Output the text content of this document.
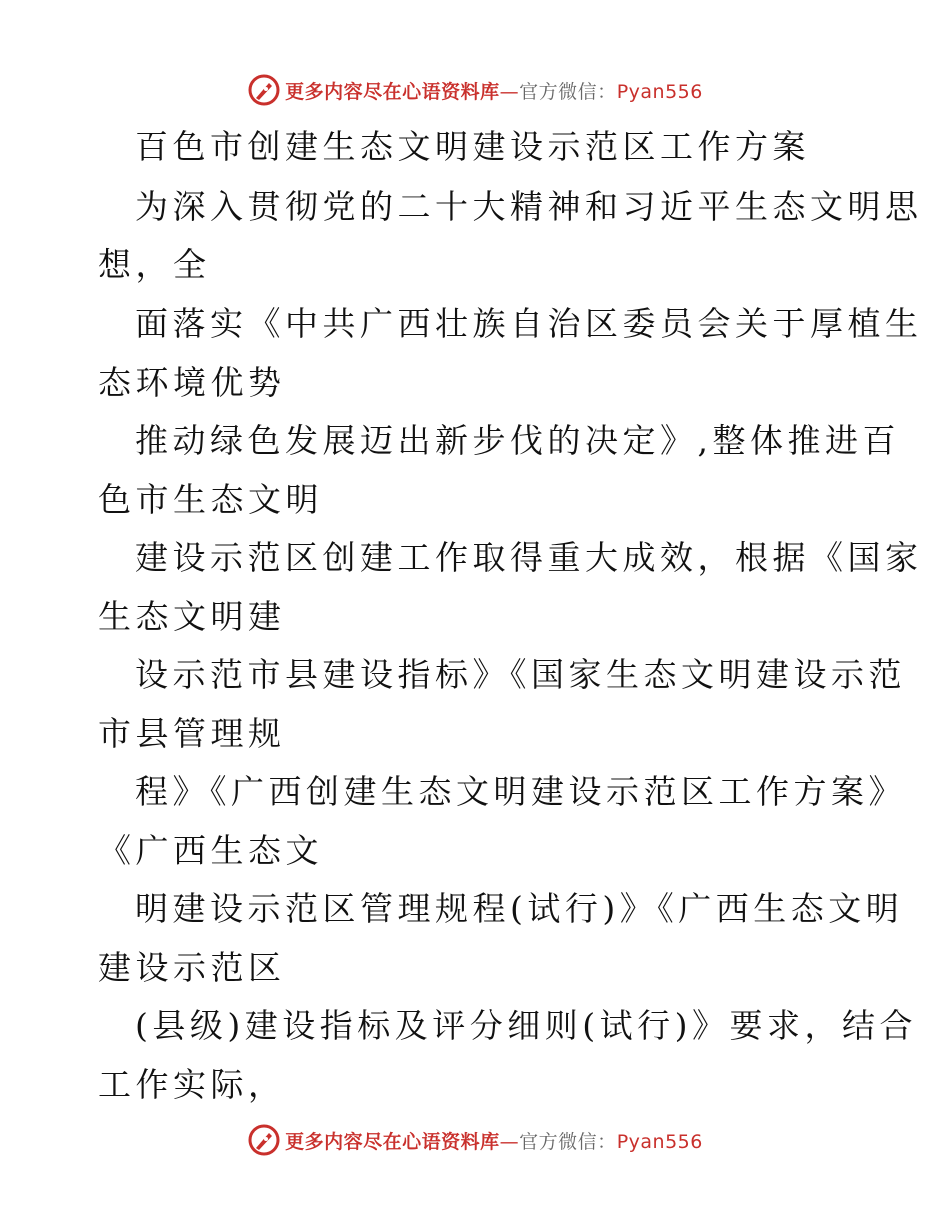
更多内容尽在心语资料库—官方微信：Pyan556
百色市创建生态文明建设示范区工作方案
为深入贯彻党的二十大精神和习近平生态文明思
想，全
面落实《中共广西壮族自治区委员会关于厚植生
态环境优势
推动绿色发展迈出新步伐的决定》,整体推进百
色市生态文明
建设示范区创建工作取得重大成效，根据《国家
生态文明建
设示范市县建设指标》《国家生态文明建设示范
市县管理规
程》《广西创建生态文明建设示范区工作方案》
《广西生态文
明建设示范区管理规程(试行)》《广西生态文明
建设示范区
(县级)建设指标及评分细则(试行)》要求，结合
工作实际，
更多内容尽在心语资料库—官方微信：Pyan556
